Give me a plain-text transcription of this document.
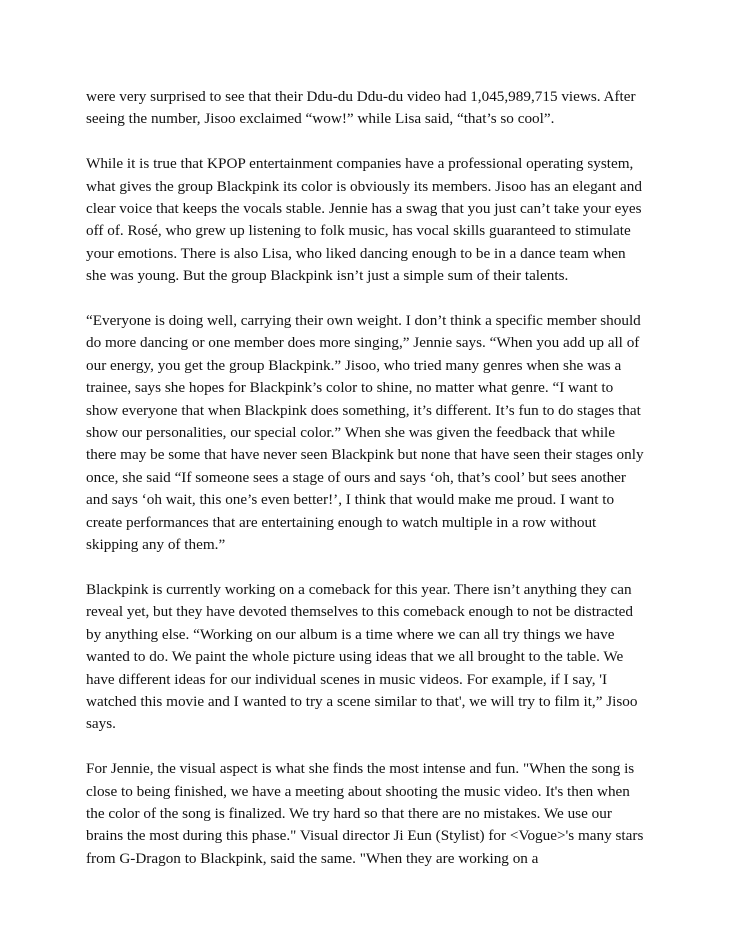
were very surprised to see that their Ddu-du Ddu-du video had 1,045,989,715 views. After seeing the number, Jisoo exclaimed “wow!” while Lisa said, “that’s so cool”.

While it is true that KPOP entertainment companies have a professional operating system, what gives the group Blackpink its color is obviously its members. Jisoo has an elegant and clear voice that keeps the vocals stable. Jennie has a swag that you just can’t take your eyes off of. Rosé, who grew up listening to folk music, has vocal skills guaranteed to stimulate your emotions. There is also Lisa, who liked dancing enough to be in a dance team when she was young. But the group Blackpink isn’t just a simple sum of their talents.

“Everyone is doing well, carrying their own weight. I don’t think a specific member should do more dancing or one member does more singing,” Jennie says. “When you add up all of our energy, you get the group Blackpink.” Jisoo, who tried many genres when she was a trainee, says she hopes for Blackpink’s color to shine, no matter what genre. “I want to show everyone that when Blackpink does something, it’s different. It’s fun to do stages that show our personalities, our special color.” When she was given the feedback that while there may be some that have never seen Blackpink but none that have seen their stages only once, she said “If someone sees a stage of ours and says ‘oh, that’s cool’ but sees another and says ‘oh wait, this one’s even better!’, I think that would make me proud. I want to create performances that are entertaining enough to watch multiple in a row without skipping any of them.”

Blackpink is currently working on a comeback for this year. There isn’t anything they can reveal yet, but they have devoted themselves to this comeback enough to not be distracted by anything else. “Working on our album is a time where we can all try things we have wanted to do. We paint the whole picture using ideas that we all brought to the table. We have different ideas for our individual scenes in music videos. For example, if I say, 'I watched this movie and I wanted to try a scene similar to that', we will try to film it,” Jisoo says.

For Jennie, the visual aspect is what she finds the most intense and fun. "When the song is close to being finished, we have a meeting about shooting the music video. It's then when the color of the song is finalized. We try hard so that there are no mistakes. We use our brains the most during this phase." Visual director Ji Eun (Stylist) for <Vogue>'s many stars from G-Dragon to Blackpink, said the same. "When they are working on a
